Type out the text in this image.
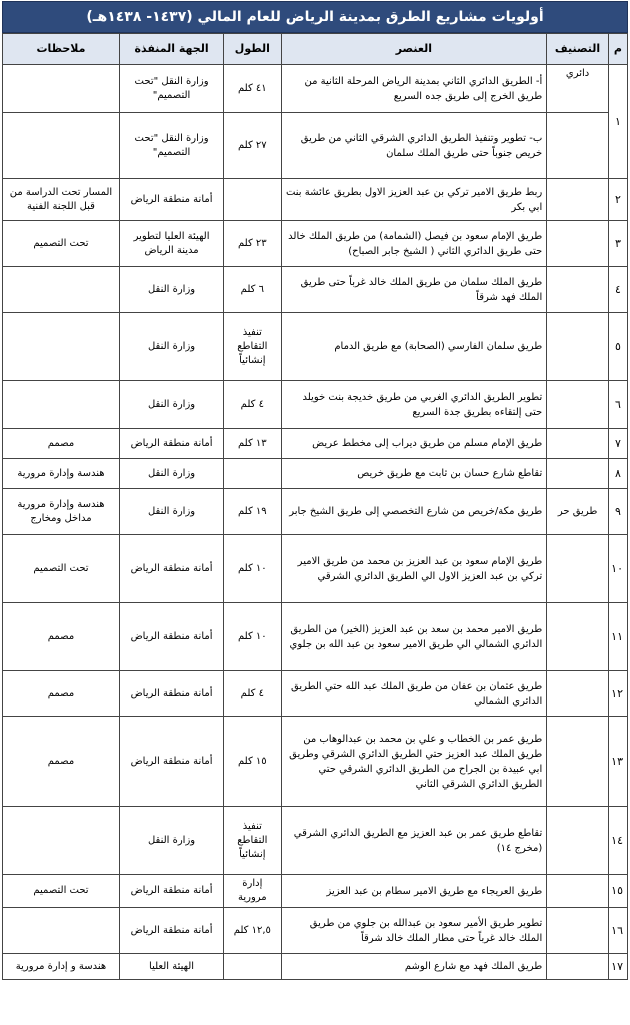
أولويات مشاريع الطرق بمدينة الرياض للعام المالي (١٤٣٧- ١٤٣٨هـ)
م	التصنيف	العنصر	الطول	الجهة المنفذة	ملاحظات
١	دائري	أ- الطريق الدائري الثاني بمدينة الرياض المرحلة الثانية من طريق الخرج إلى طريق جده السريع	٤١ كلم	وزارة النقل "تحت التصميم"	
		ب- تطوير وتنفيذ الطريق الدائري الشرقي الثاني من طريق خريص جنوباً حتى طريق الملك سلمان	٢٧ كلم	وزارة النقل "تحت التصميم"	
٢		ربط طريق الامير تركي بن عبد العزيز الاول بطريق عائشة بنت ابي بكر		أمانة منطقة الرياض	المسار تحت الدراسة من قبل اللجنة الفنية
٣		طريق الإمام سعود بن فيصل (الشمامة) من طريق الملك خالد حتى طريق الدائري الثاني ( الشيخ جابر الصباح)	٢٣ كلم	الهيئة العليا لتطوير مدينة الرياض	تحت التصميم
٤		طريق الملك سلمان من طريق الملك خالد غرباً حتى طريق الملك فهد شرقاً	٦ كلم	وزارة النقل	
٥		طريق سلمان الفارسي (الصحابة) مع طريق الدمام	تنفيذ التقاطع إنشائياً	وزارة النقل	
٦		تطوير الطريق الدائري الغربي من طريق خديجة بنت خويلد حتى إلتقاءه بطريق جدة السريع	٤ كلم	وزارة النقل	
٧		طريق الإمام مسلم من طريق ديراب إلى مخطط عريض	١٣ كلم	أمانة منطقة الرياض	مصمم
٨		تقاطع شارع حسان بن ثابت مع طريق خريص		وزارة النقل	هندسة وإدارة مرورية
٩	طريق حر	طريق مكة/خريص من شارع التخصصي إلى طريق الشيخ جابر	١٩ كلم	وزارة النقل	هندسة وإدارة مرورية مداخل ومخارج
١٠		طريق الإمام سعود بن عبد العزيز بن محمد من طريق الامير تركي بن عبد العزيز الاول الي الطريق الدائري الشرقي	١٠ كلم	أمانة منطقة الرياض	تحت التصميم
١١		طريق الامير محمد بن سعد بن عبد العزيز (الخير) من الطريق الدائري الشمالي الي طريق الامير سعود بن عبد الله بن جلوي	١٠ كلم	أمانة منطقة الرياض	مصمم
١٢		طريق عثمان بن عفان من طريق الملك عبد الله حتي الطريق الدائري الشمالي	٤ كلم	أمانة منطقة الرياض	مصمم
١٣		طريق عمر بن الخطاب و علي بن محمد بن عبدالوهاب من طريق الملك عبد العزيز حتي الطريق الدائري الشرقي وطريق ابي عبيدة بن الجراح من الطريق الدائري الشرقي حتي الطريق الدائري الشرقي الثاني	١٥ كلم	أمانة منطقة الرياض	مصمم
١٤		تقاطع طريق عمر بن عبد العزيز مع الطريق الدائري الشرقي (مخرج ١٤)	تنفيذ التقاطع إنشائياً	وزارة النقل	
١٥		طريق العريجاء مع طريق الامير سطام بن عبد العزيز	إدارة مرورية	أمانة منطقة الرياض	تحت التصميم
١٦		تطوير طريق الأمير سعود بن عبدالله بن جلوي من طريق الملك خالد غرباً حتى مطار الملك خالد شرقاً	١٢,٥ كلم	أمانة منطقة الرياض	
١٧		طريق الملك فهد مع شارع الوشم		الهيئة العليا	هندسة و إدارة مرورية
